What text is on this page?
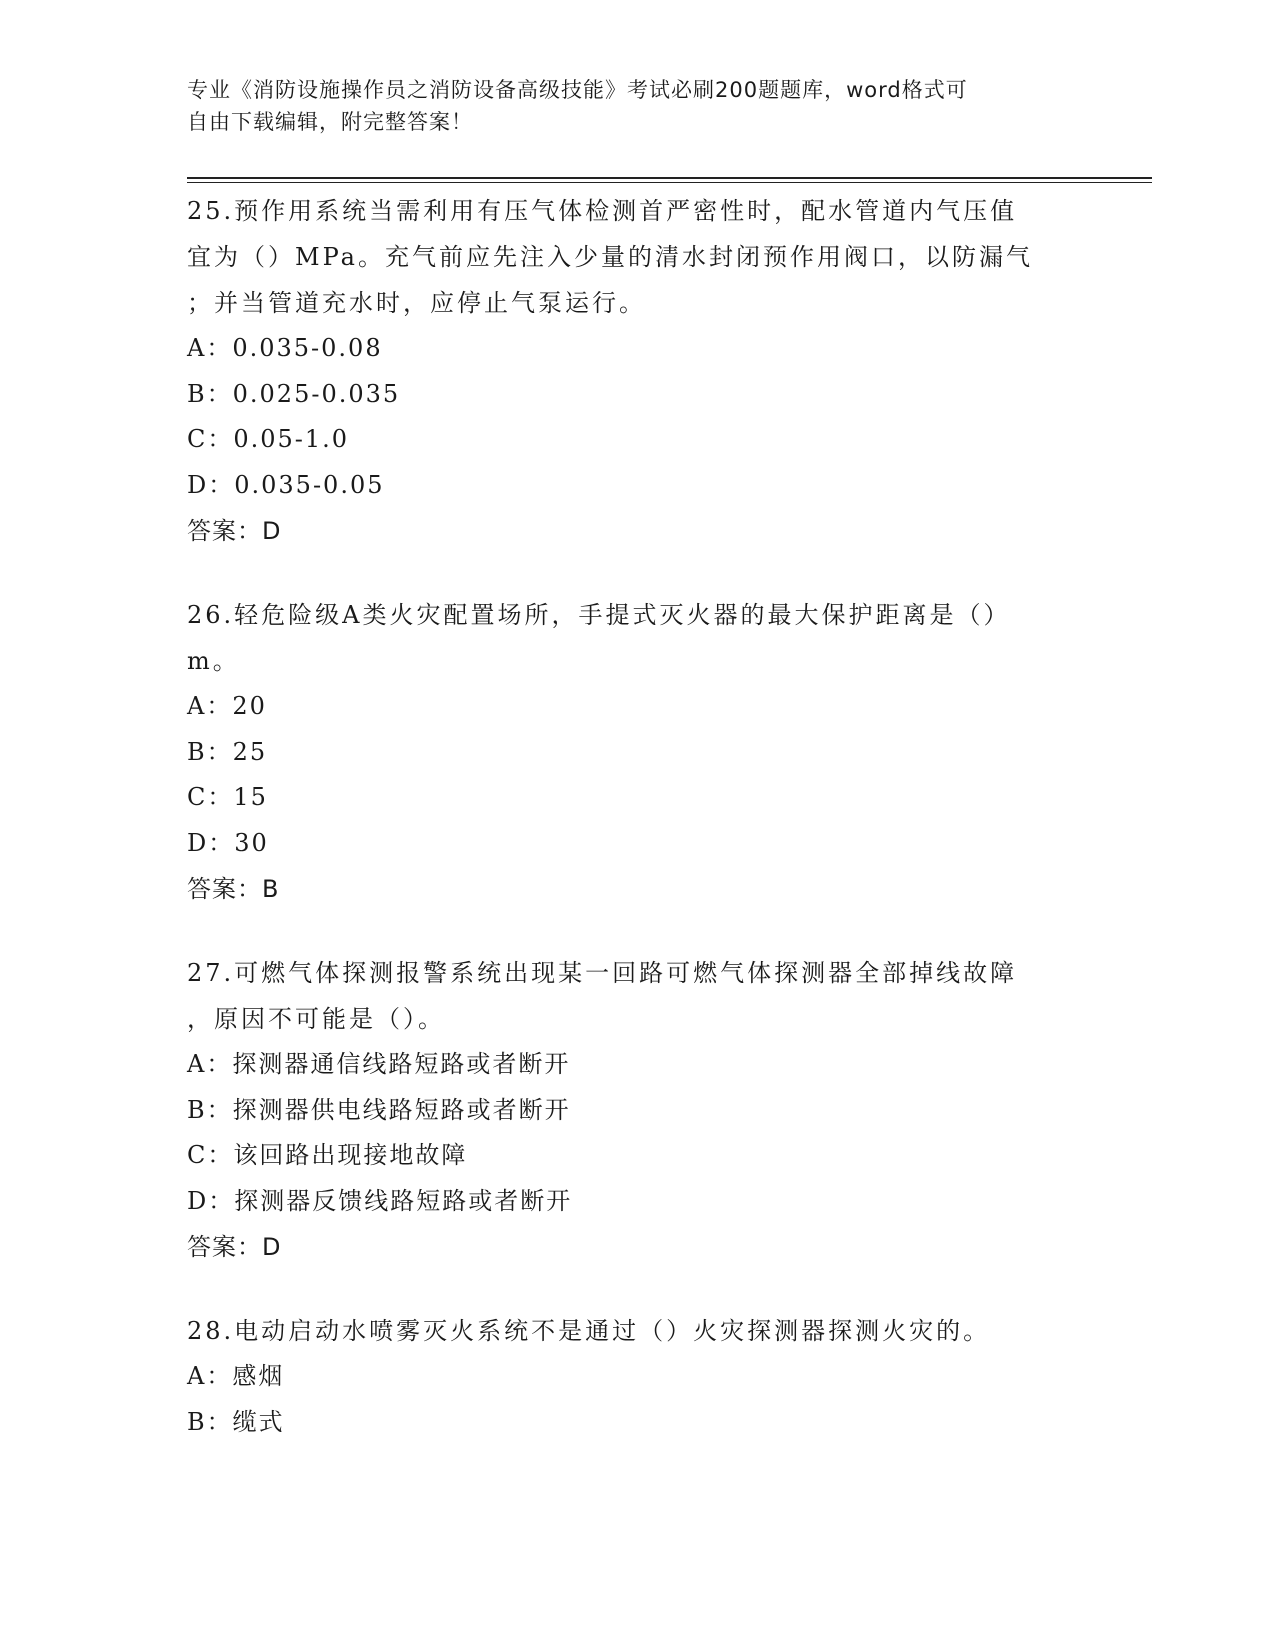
专业《消防设施操作员之消防设备高级技能》考试必刷200题题库，word格式可
自由下载编辑，附完整答案！

25.预作用系统当需利用有压气体检测首严密性时，配水管道内气压值

宜为（）MPa。充气前应先注入少量的清水封闭预作用阀口，以防漏气

；并当管道充水时，应停止气泵运行。

A：0.035-0.08

B：0.025-0.035

C：0.05-1.0

D：0.035-0.05

答案：D

26.轻危险级A类火灾配置场所，手提式灭火器的最大保护距离是（）

m。

A：20

B：25

C：15

D：30

答案：B

27.可燃气体探测报警系统出现某一回路可燃气体探测器全部掉线故障

，原因不可能是（）。

A：探测器通信线路短路或者断开

B：探测器供电线路短路或者断开

C：该回路出现接地故障

D：探测器反馈线路短路或者断开

答案：D

28.电动启动水喷雾灭火系统不是通过（）火灾探测器探测火灾的。

A：感烟

B：缆式
